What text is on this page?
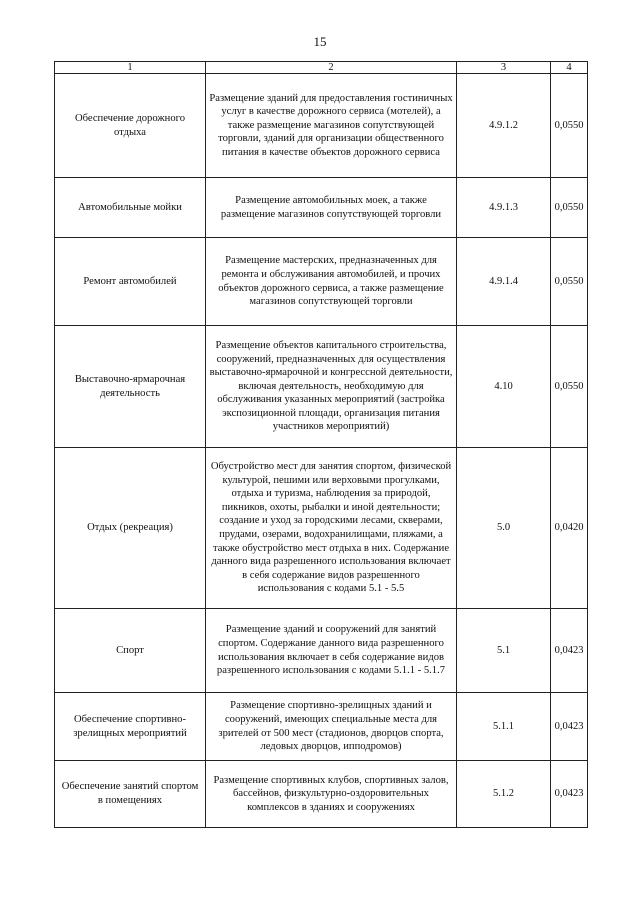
15
1	2	3	4
Обеспечение дорожного отдыха	Размещение зданий для предоставления гостиничных услуг в качестве дорожного сервиса (мотелей), а также размещение магазинов сопутствующей торговли, зданий для организации общественного питания в качестве объектов дорожного сервиса	4.9.1.2	0,0550
Автомобильные мойки	Размещение автомобильных моек, а также размещение магазинов сопутствующей торговли	4.9.1.3	0,0550
Ремонт автомобилей	Размещение мастерских, предназначенных для ремонта и обслуживания автомобилей, и прочих объектов дорожного сервиса, а также размещение магазинов сопутствующей торговли	4.9.1.4	0,0550
Выставочно-ярмарочная деятельность	Размещение объектов капитального строительства, сооружений, предназначенных для осуществления выставочно-ярмарочной и конгрессной деятельности, включая деятельность, необходимую для обслуживания указанных мероприятий (застройка экспозиционной площади, организация питания участников мероприятий)	4.10	0,0550
Отдых (рекреация)	Обустройство мест для занятия спортом, физической культурой, пешими или верховыми прогулками, отдыха и туризма, наблюдения за природой, пикников, охоты, рыбалки и иной деятельности; создание и уход за городскими лесами, скверами, прудами, озерами, водохранилищами, пляжами, а также обустройство мест отдыха в них. Содержание данного вида разрешенного использования включает в себя содержание видов разрешенного использования с кодами 5.1 - 5.5	5.0	0,0420
Спорт	Размещение зданий и сооружений для занятий спортом. Содержание данного вида разрешенного использования включает в себя содержание видов разрешенного использования с кодами 5.1.1 - 5.1.7	5.1	0,0423
Обеспечение спортивно-зрелищных мероприятий	Размещение спортивно-зрелищных зданий и сооружений, имеющих специальные места для зрителей от 500 мест (стадионов, дворцов спорта, ледовых дворцов, ипподромов)	5.1.1	0,0423
Обеспечение занятий спортом в помещениях	Размещение спортивных клубов, спортивных залов, бассейнов, физкультурно-оздоровительных комплексов в зданиях и сооружениях	5.1.2	0,0423
